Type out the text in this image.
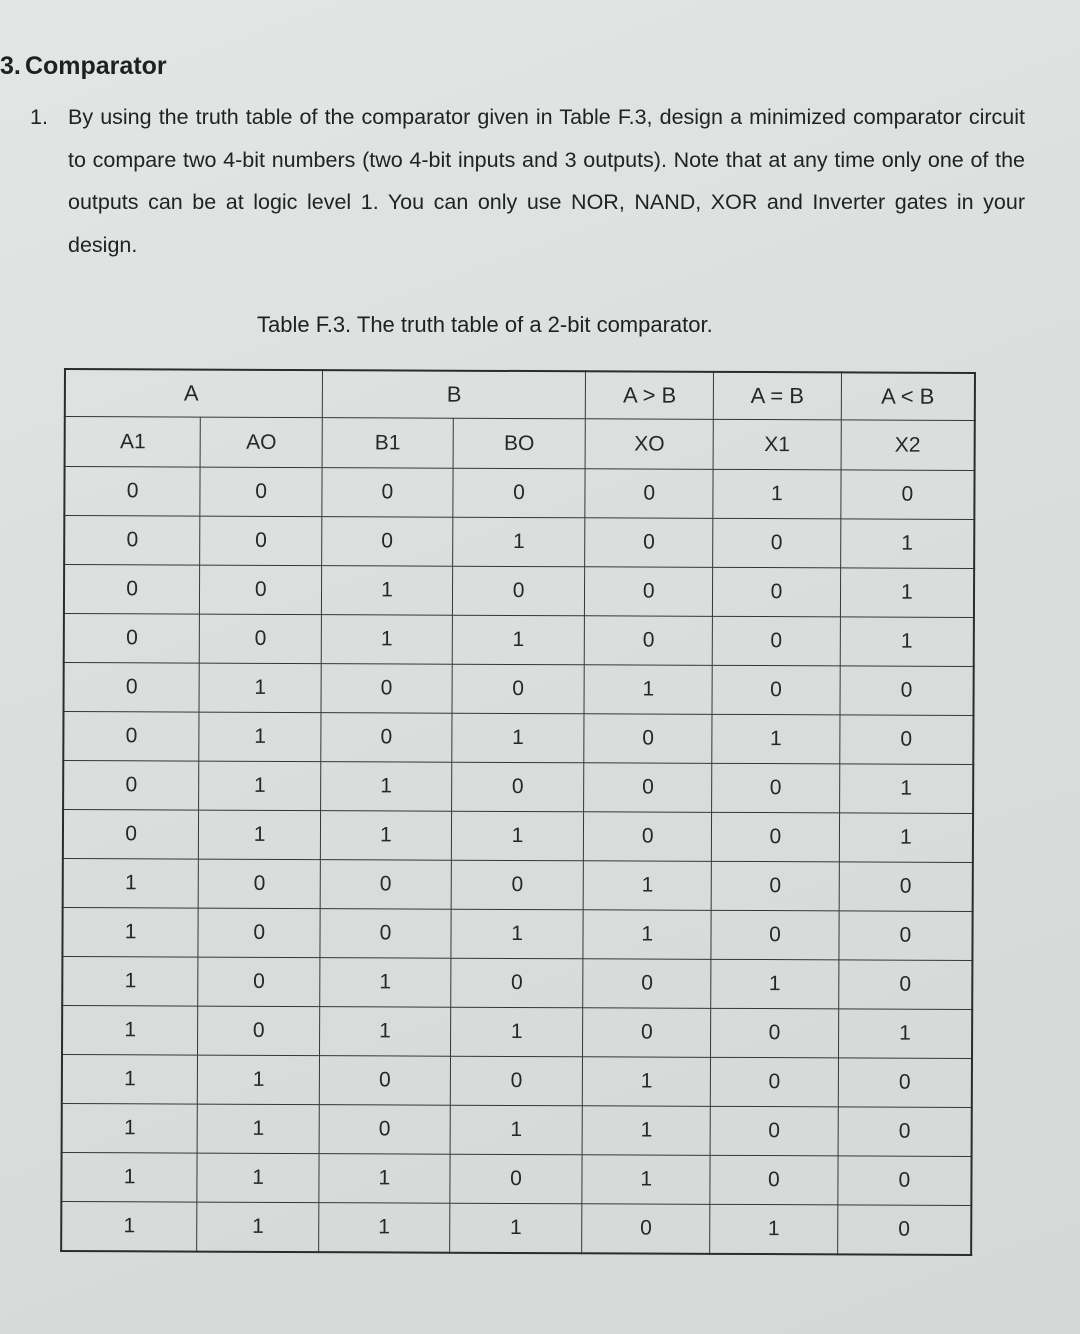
3. Comparator
1. By using the truth table of the comparator given in Table F.3, design a minimized comparator circuit to compare two 4-bit numbers (two 4-bit inputs and 3 outputs). Note that at any time only one of the outputs can be at logic level 1. You can only use NOR, NAND, XOR and Inverter gates in your design.
Table F.3. The truth table of a 2-bit comparator.
A		B		A > B	A = B	A < B
A1	AO	B1	BO	XO	X1	X2
0	0	0	0	0	1	0
0	0	0	1	0	0	1
0	0	1	0	0	0	1
0	0	1	1	0	0	1
0	1	0	0	1	0	0
0	1	0	1	0	1	0
0	1	1	0	0	0	1
0	1	1	1	0	0	1
1	0	0	0	1	0	0
1	0	0	1	1	0	0
1	0	1	0	0	1	0
1	0	1	1	0	0	1
1	1	0	0	1	0	0
1	1	0	1	1	0	0
1	1	1	0	1	0	0
1	1	1	1	0	1	0
